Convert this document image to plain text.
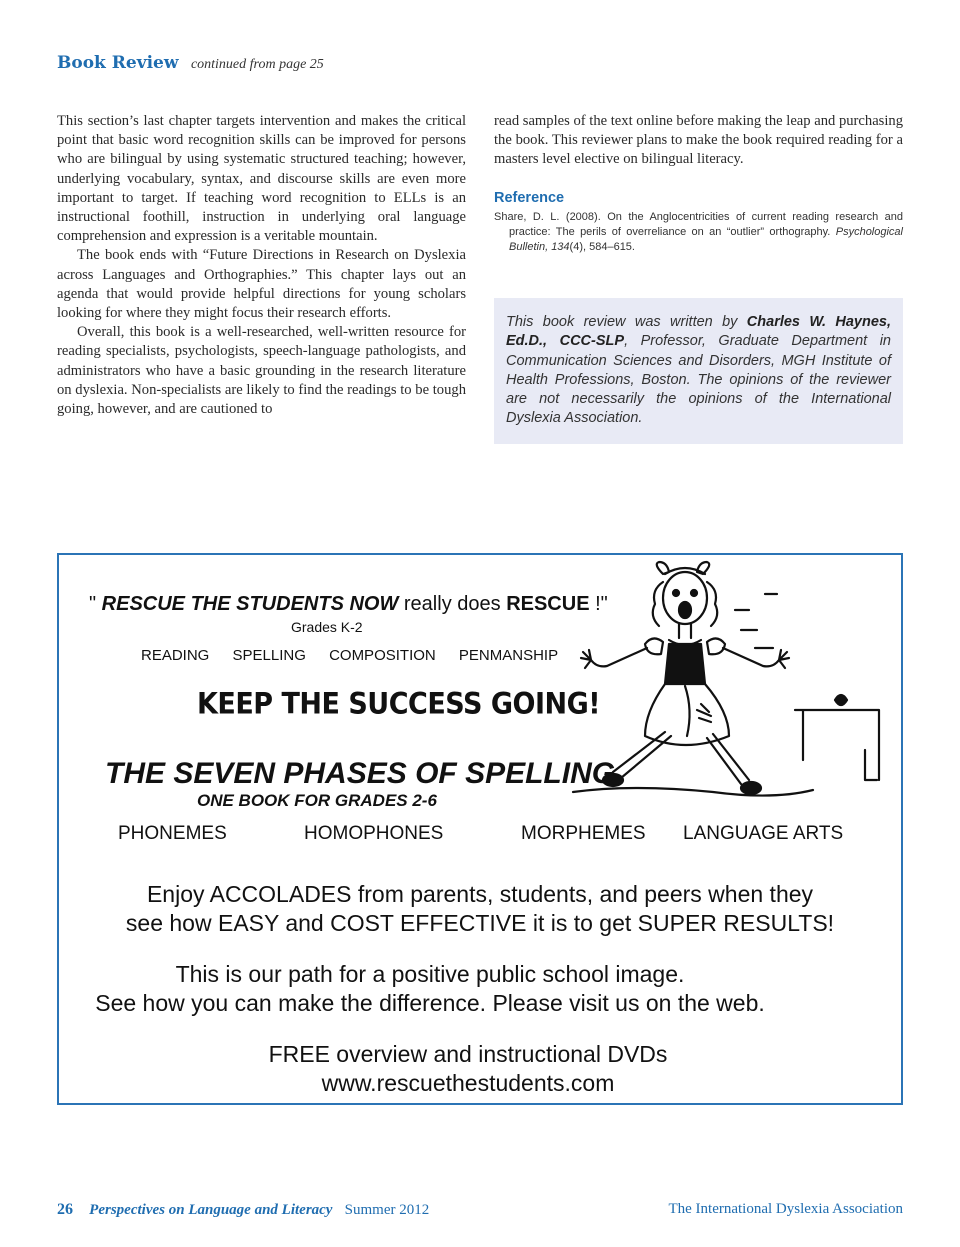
Book Review continued from page 25

This section’s last chapter targets intervention and makes the critical point that basic word recognition skills can be improved for persons who are bilingual by using systematic structured teaching; however, underlying vocabulary, syntax, and discourse skills are even more important to target. If teaching word recognition to ELLs is an instructional foothill, instruction in underlying oral language comprehension and expression is a veritable mountain.

The book ends with “Future Directions in Research on Dyslexia across Languages and Orthographies.” This chapter lays out an agenda that would provide helpful directions for young scholars looking for where they might focus their research efforts.

Overall, this book is a well-researched, well-written resource for reading specialists, psychologists, speech-language pathologists, and administrators who have a basic grounding in the research literature on dyslexia. Non-specialists are likely to find the readings to be tough going, however, and are cautioned to

read samples of the text online before making the leap and purchasing the book. This reviewer plans to make the book required reading for a masters level elective on bilingual literacy.

Reference
Share, D. L. (2008). On the Anglocentricities of current reading research and practice: The perils of overreliance on an “outlier” orthography. Psychological Bulletin, 134(4), 584–615.
This book review was written by Charles W. Haynes, Ed.D., CCC-SLP, Professor, Graduate Department in Communication Sciences and Disorders, MGH Institute of Health Professions, Boston. The opinions of the reviewer are not necessarily the opinions of the International Dyslexia Association.
" RESCUE THE STUDENTS NOW really does RESCUE !"
Grades K-2
READING SPELLING COMPOSITION PENMANSHIP
KEEP THE SUCCESS GOING!
THE SEVEN PHASES OF SPELLING
ONE BOOK FOR GRADES 2-6
PHONEMES	HOMOPHONES	MORPHEMES LANGUAGE ARTS
Enjoy ACCOLADES from parents, students, and peers when they
see how EASY and COST EFFECTIVE it is to get SUPER RESULTS!
This is our path for a positive public school image.
See how you can make the difference. Please visit us on the web.
FREE overview and instructional DVDs
www.rescuethestudents.com
26 Perspectives on Language and Literacy Summer 2012	The International Dyslexia Association
